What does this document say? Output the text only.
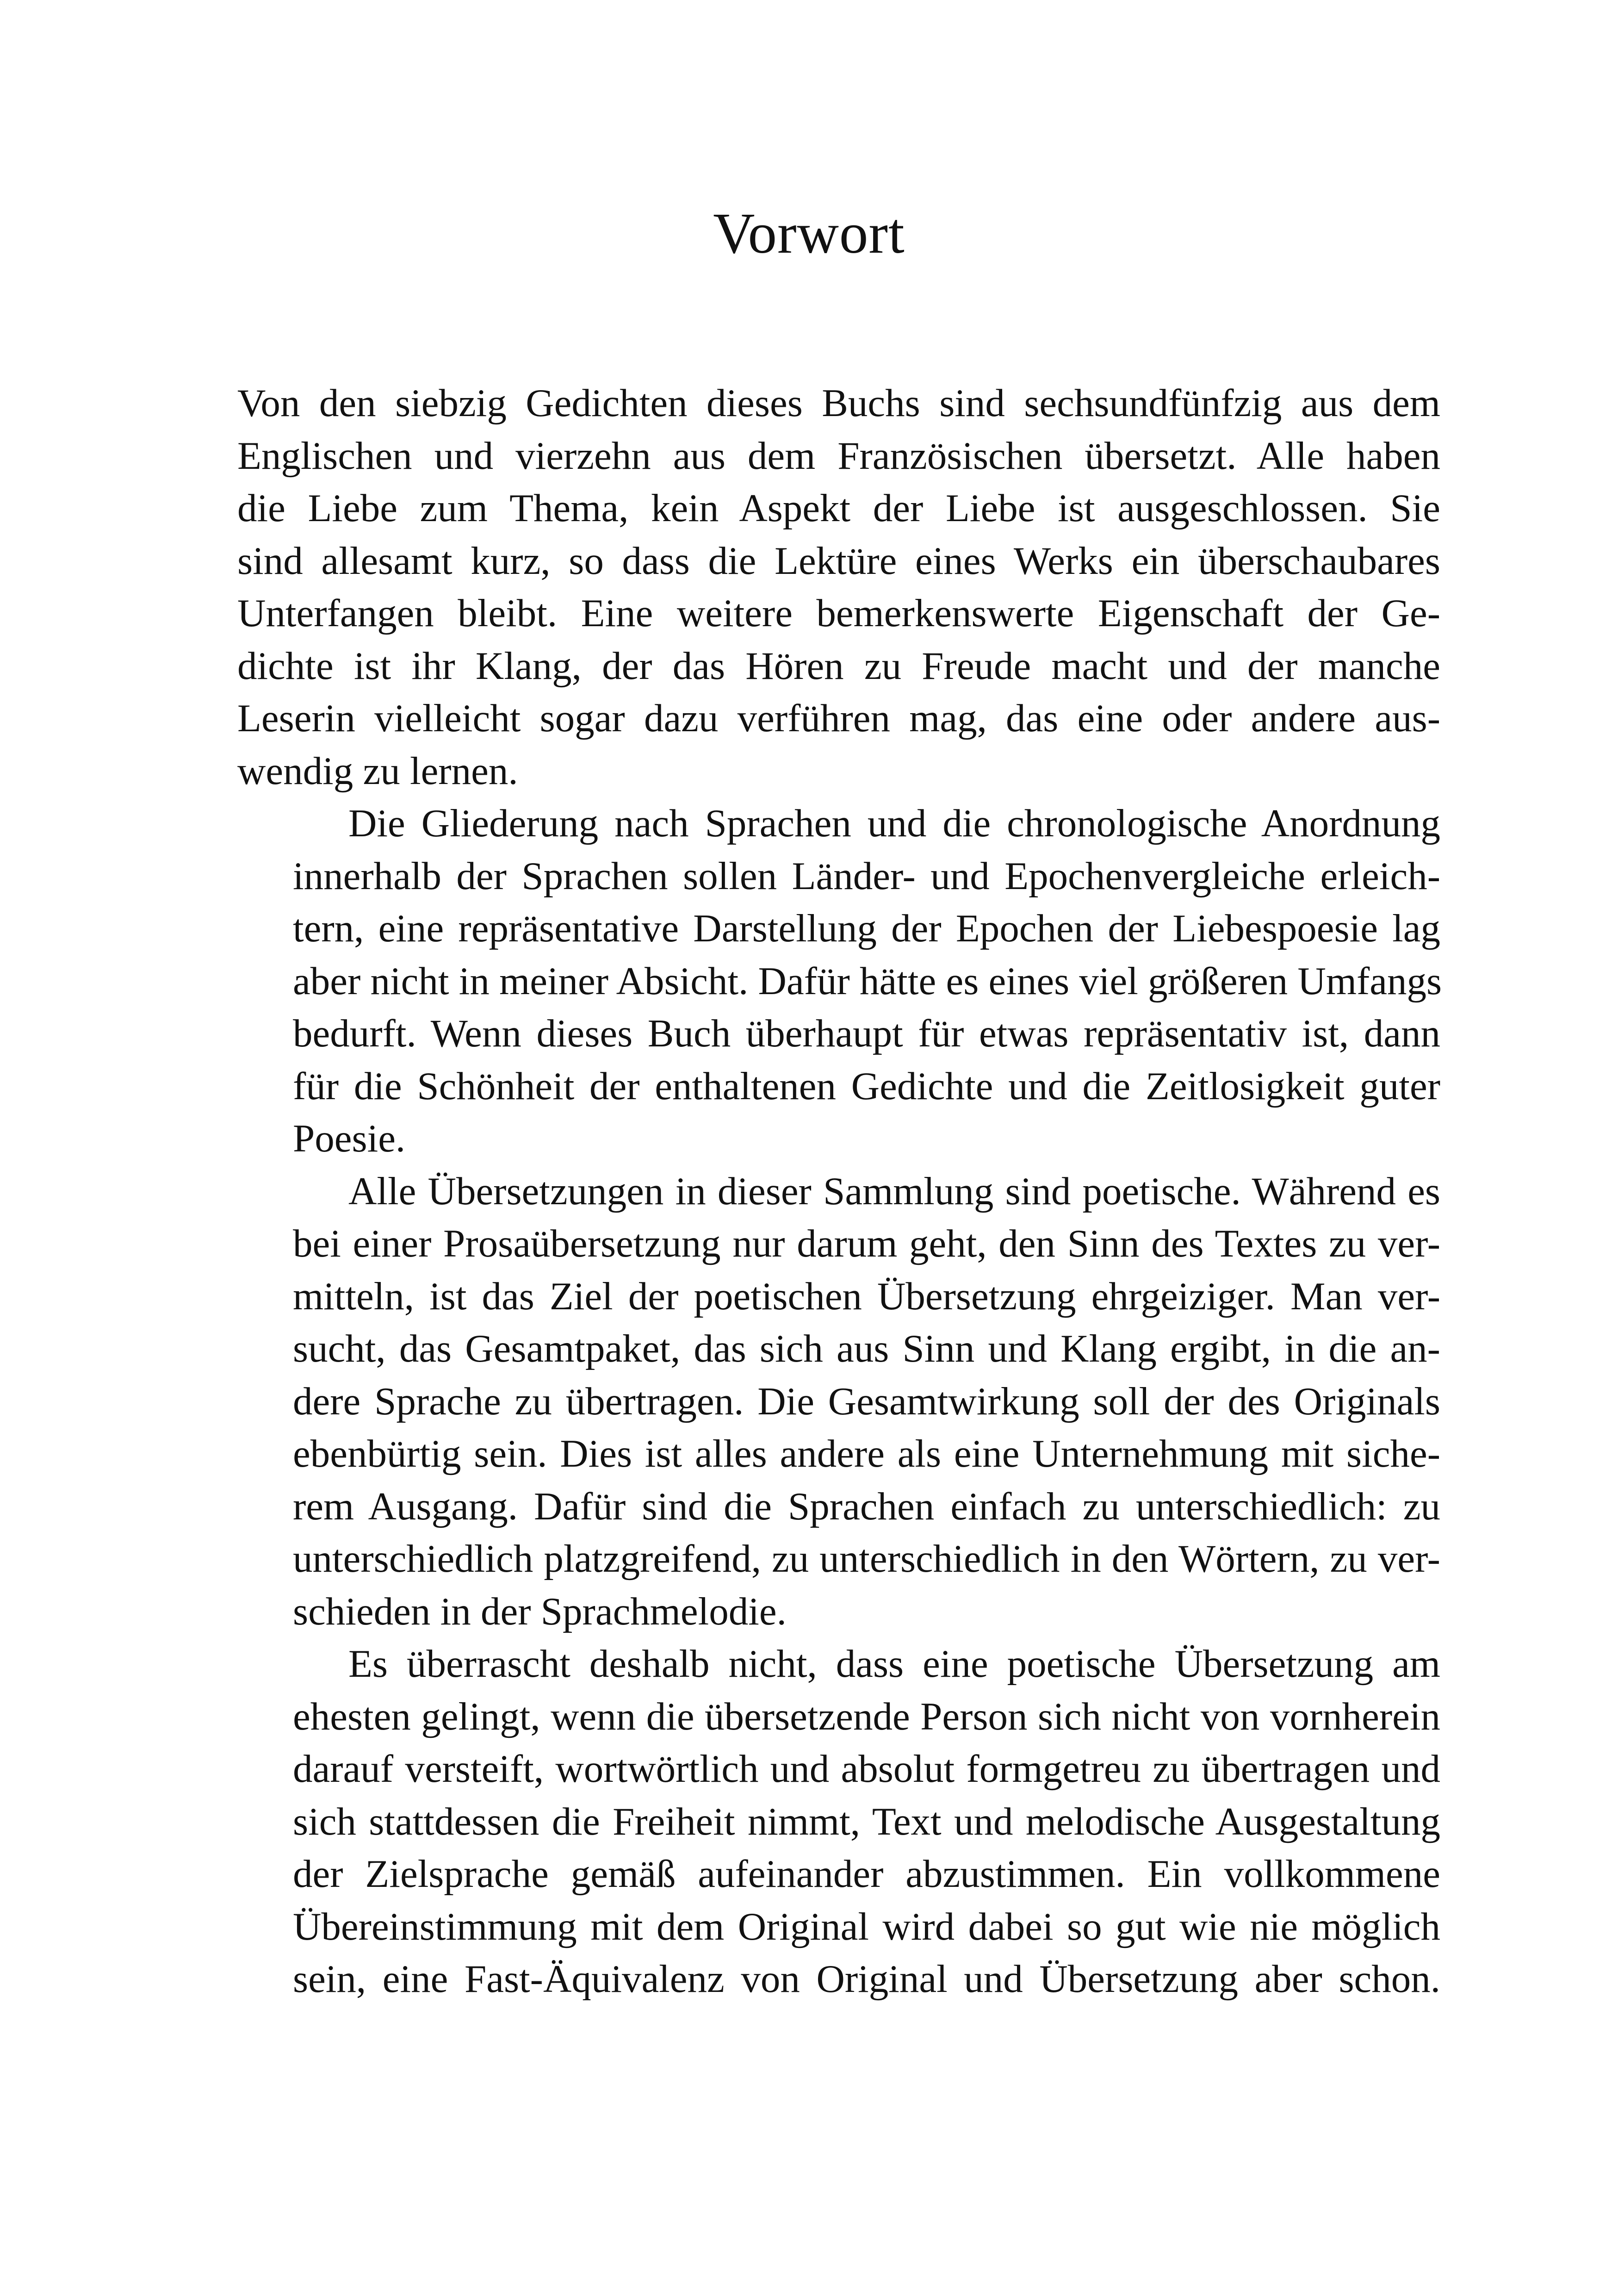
Vorwort

Von den siebzig Gedichten dieses Buchs sind sechsundfünfzig aus dem
Englischen und vierzehn aus dem Französischen übersetzt. Alle haben
die Liebe zum Thema, kein Aspekt der Liebe ist ausgeschlossen. Sie
sind allesamt kurz, so dass die Lektüre eines Werks ein überschaubares
Unterfangen bleibt. Eine weitere bemerkenswerte Eigenschaft der Ge-
dichte ist ihr Klang, der das Hören zu Freude macht und der manche
Leserin vielleicht sogar dazu verführen mag, das eine oder andere aus-
wendig zu lernen.

Die Gliederung nach Sprachen und die chronologische Anordnung
innerhalb der Sprachen sollen Länder- und Epochenvergleiche erleich-
tern, eine repräsentative Darstellung der Epochen der Liebespoesie lag
aber nicht in meiner Absicht. Dafür hätte es eines viel größeren Umfangs
bedurft. Wenn dieses Buch überhaupt für etwas repräsentativ ist, dann
für die Schönheit der enthaltenen Gedichte und die Zeitlosigkeit guter
Poesie.

Alle Übersetzungen in dieser Sammlung sind poetische. Während es
bei einer Prosaübersetzung nur darum geht, den Sinn des Textes zu ver-
mitteln, ist das Ziel der poetischen Übersetzung ehrgeiziger. Man ver-
sucht, das Gesamtpaket, das sich aus Sinn und Klang ergibt, in die an-
dere Sprache zu übertragen. Die Gesamtwirkung soll der des Originals
ebenbürtig sein. Dies ist alles andere als eine Unternehmung mit siche-
rem Ausgang. Dafür sind die Sprachen einfach zu unterschiedlich: zu
unterschiedlich platzgreifend, zu unterschiedlich in den Wörtern, zu ver-
schieden in der Sprachmelodie.

Es überrascht deshalb nicht, dass eine poetische Übersetzung am
ehesten gelingt, wenn die übersetzende Person sich nicht von vornherein
darauf versteift, wortwörtlich und absolut formgetreu zu übertragen und
sich stattdessen die Freiheit nimmt, Text und melodische Ausgestaltung
der Zielsprache gemäß aufeinander abzustimmen. Ein vollkommene
Übereinstimmung mit dem Original wird dabei so gut wie nie möglich
sein, eine Fast-Äquivalenz von Original und Übersetzung aber schon.
